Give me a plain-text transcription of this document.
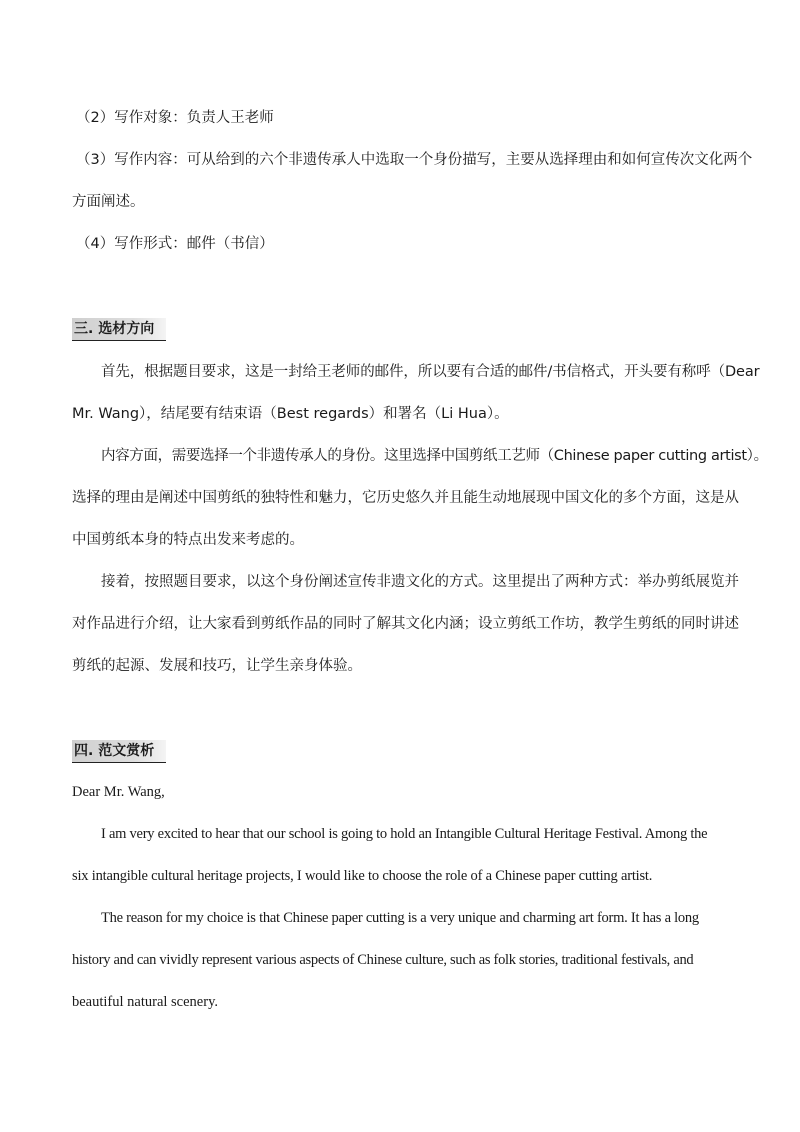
（2）写作对象：负责人王老师
（3）写作内容：可从给到的六个非遗传承人中选取一个身份描写，主要从选择理由和如何宣传次文化两个
方面阐述。
（4）写作形式：邮件（书信）
三. 选材方向
首先，根据题目要求，这是一封给王老师的邮件，所以要有合适的邮件/书信格式，开头要有称呼（Dear
Mr. Wang），结尾要有结束语（Best regards）和署名（Li Hua）。
内容方面，需要选择一个非遗传承人的身份。这里选择中国剪纸工艺师（Chinese paper cutting artist）。
选择的理由是阐述中国剪纸的独特性和魅力，它历史悠久并且能生动地展现中国文化的多个方面，这是从
中国剪纸本身的特点出发来考虑的。
接着，按照题目要求，以这个身份阐述宣传非遗文化的方式。这里提出了两种方式：举办剪纸展览并
对作品进行介绍，让大家看到剪纸作品的同时了解其文化内涵；设立剪纸工作坊，教学生剪纸的同时讲述
剪纸的起源、发展和技巧，让学生亲身体验。
四. 范文赏析
Dear Mr. Wang,
I am very excited to hear that our school is going to hold an Intangible Cultural Heritage Festival. Among the
six intangible cultural heritage projects, I would like to choose the role of a Chinese paper cutting artist.
The reason for my choice is that Chinese paper cutting is a very unique and charming art form. It has a long
history and can vividly represent various aspects of Chinese culture, such as folk stories, traditional festivals, and
beautiful natural scenery.
